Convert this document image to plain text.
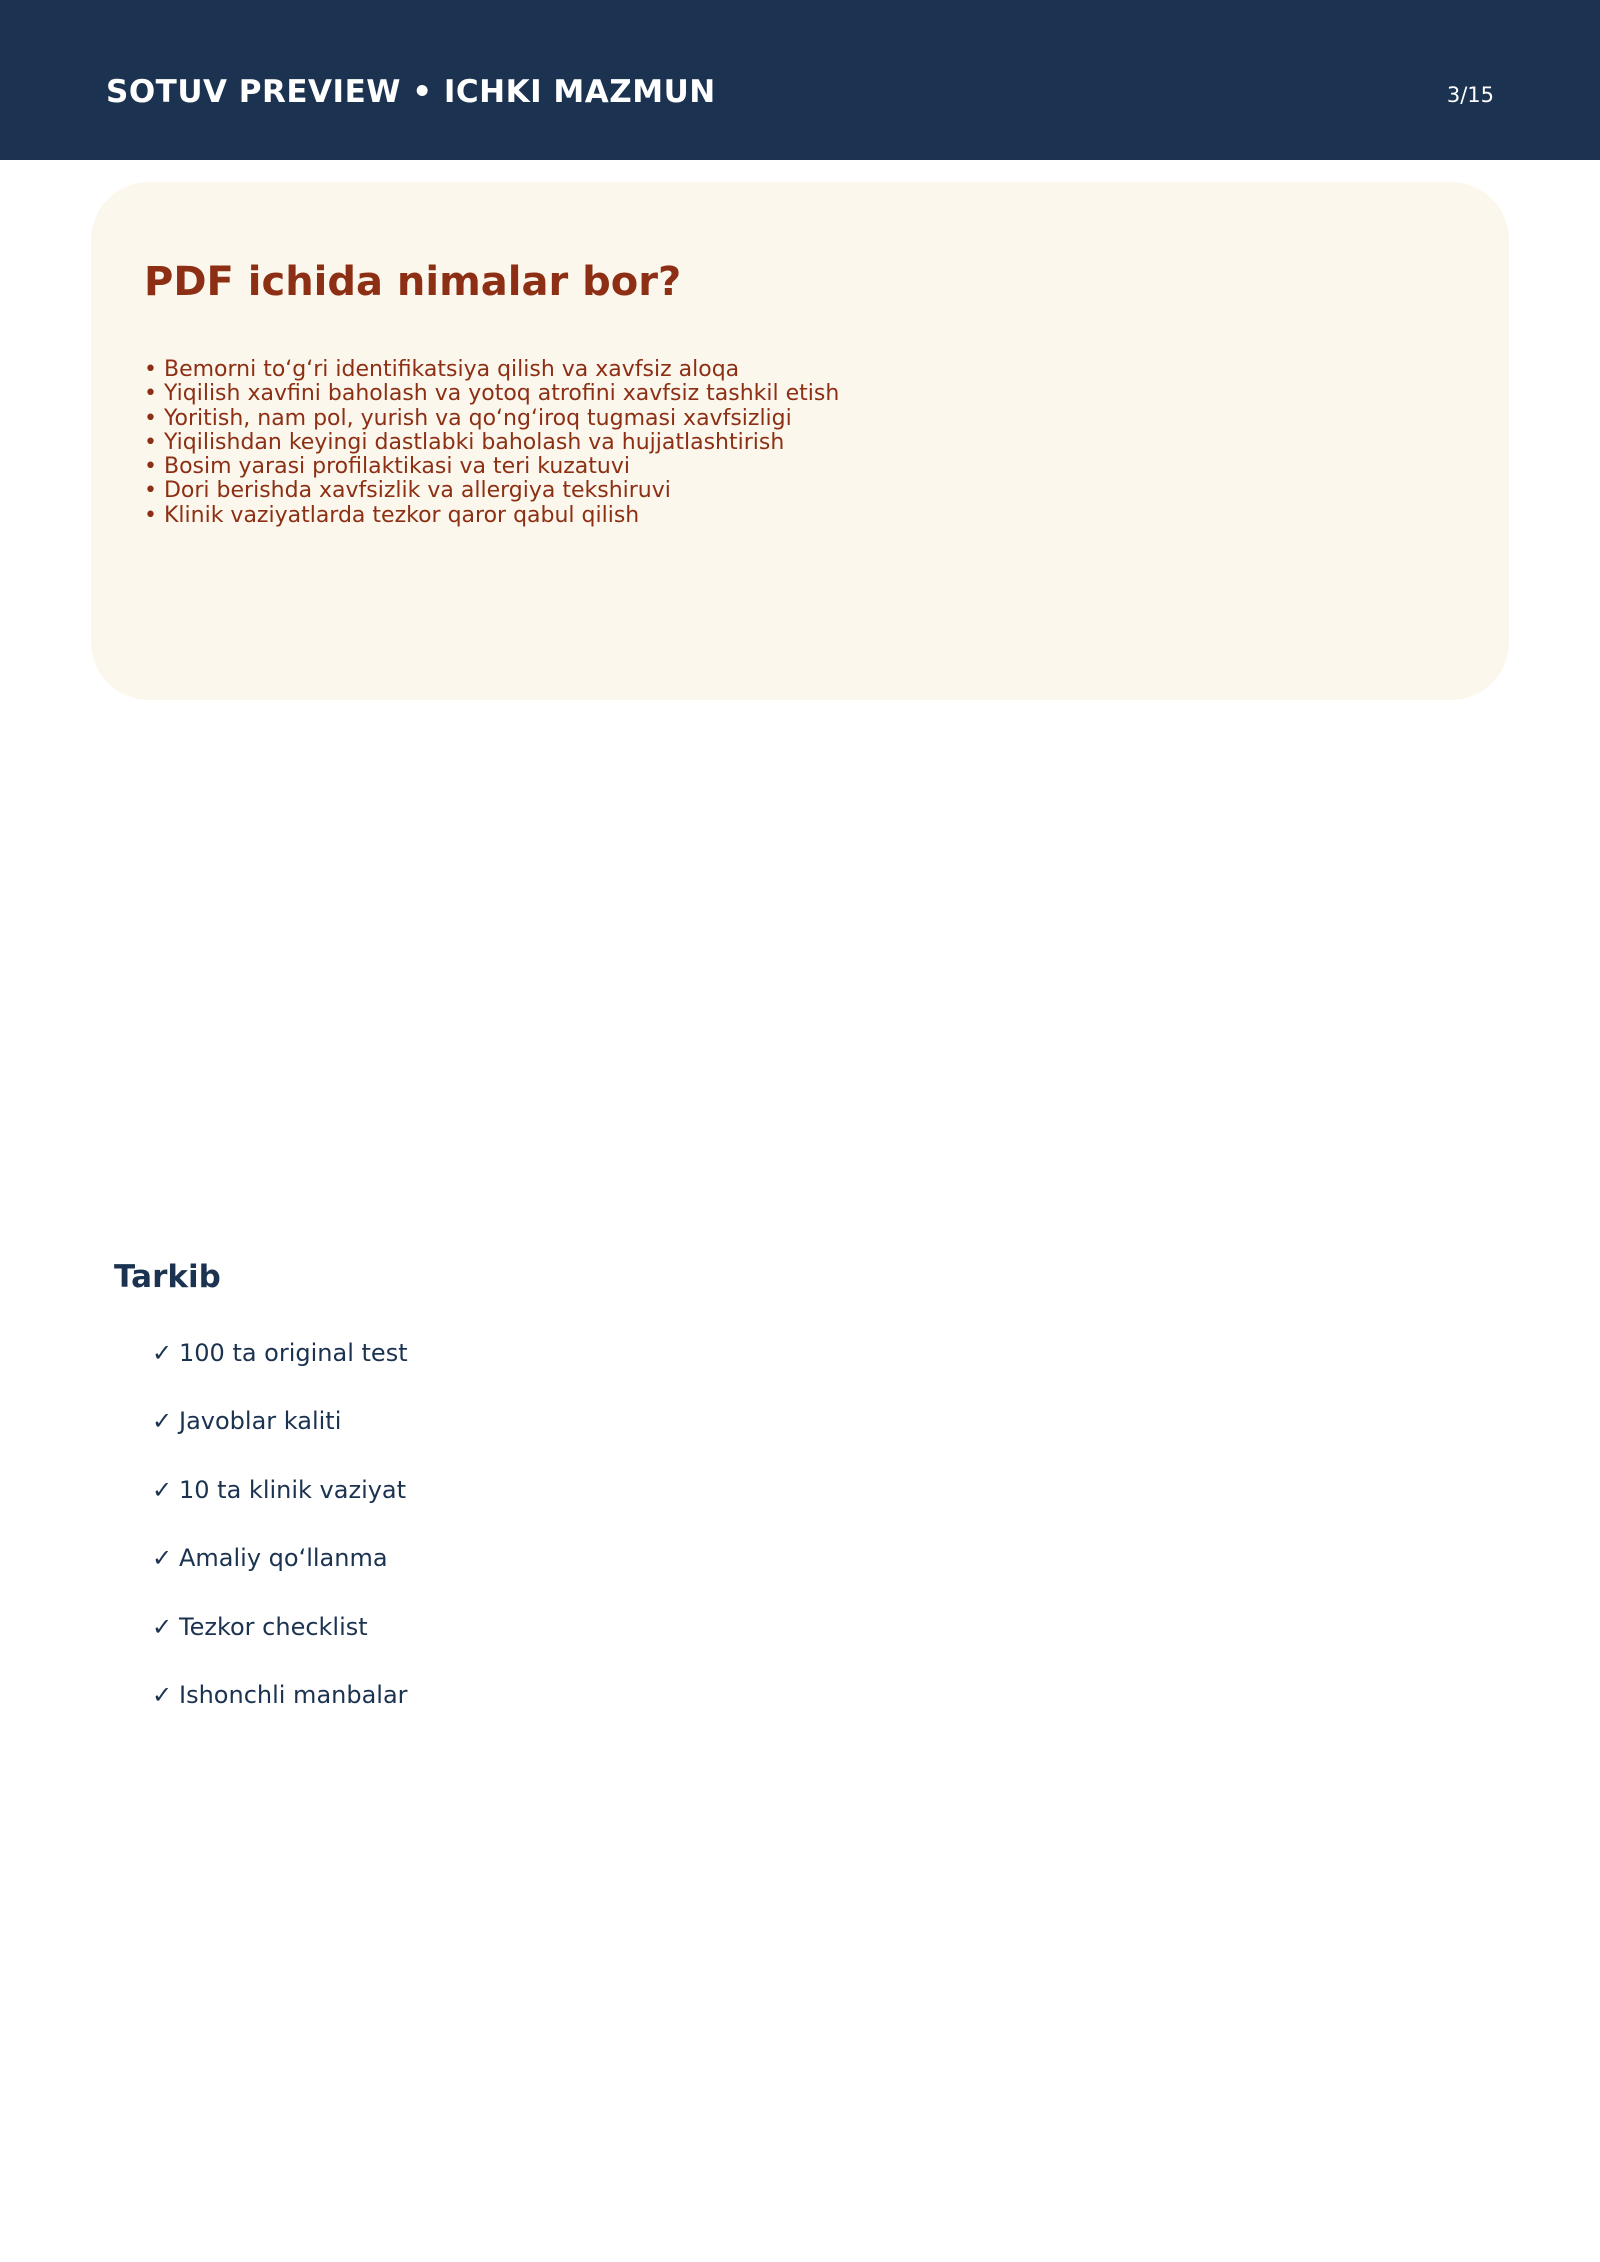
SOTUV PREVIEW • ICHKI MAZMUN	3/15
PDF ichida nimalar bor?
• Bemorni to‘g‘ri identifikatsiya qilish va xavfsiz aloqa
• Yiqilish xavfini baholash va yotoq atrofini xavfsiz tashkil etish
• Yoritish, nam pol, yurish va qo‘ng‘iroq tugmasi xavfsizligi
• Yiqilishdan keyingi dastlabki baholash va hujjatlashtirish
• Bosim yarasi profilaktikasi va teri kuzatuvi
• Dori berishda xavfsizlik va allergiya tekshiruvi
• Klinik vaziyatlarda tezkor qaror qabul qilish
Tarkib
✓ 100 ta original test
✓ Javoblar kaliti
✓ 10 ta klinik vaziyat
✓ Amaliy qo‘llanma
✓ Tezkor checklist
✓ Ishonchli manbalar
